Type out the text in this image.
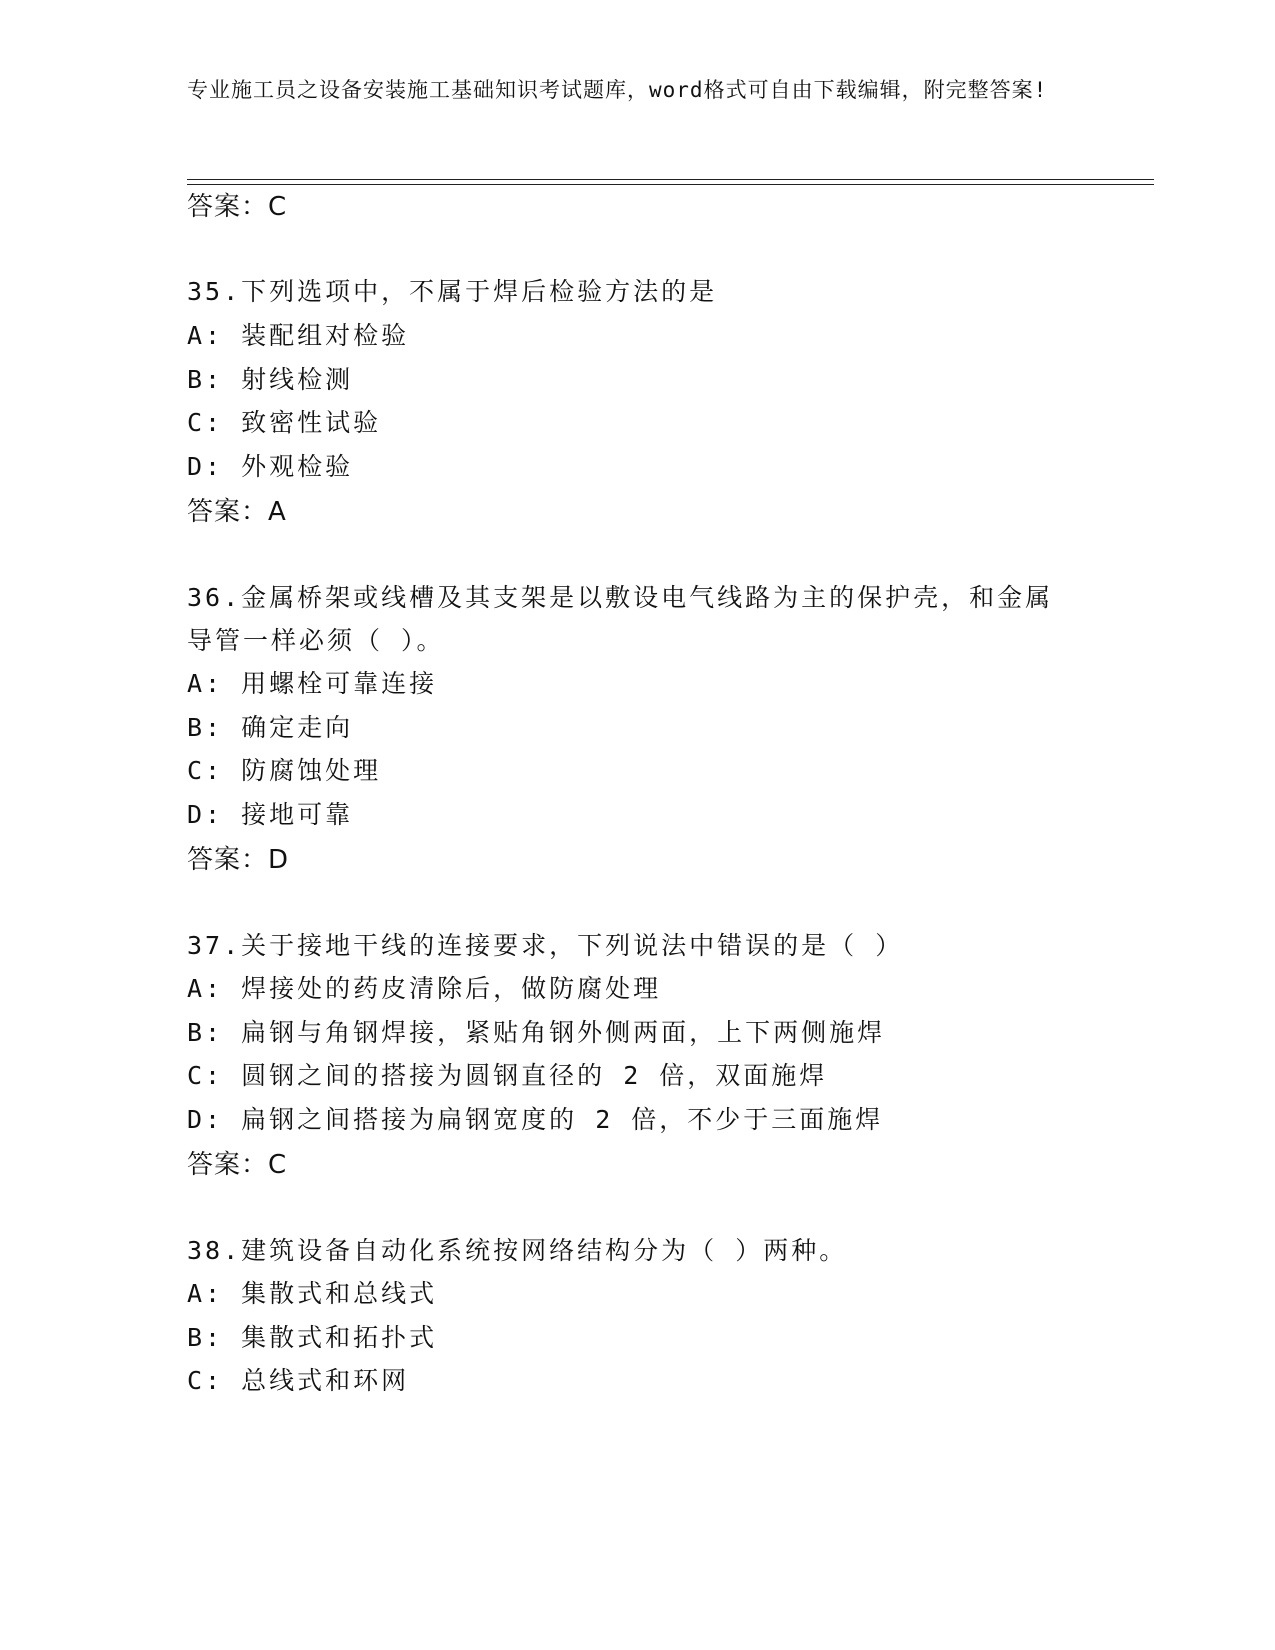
专业施工员之设备安装施工基础知识考试题库，word格式可自由下载编辑，附完整答案!
答案：C
35.下列选项中，不属于焊后检验方法的是
A: 装配组对检验
B: 射线检测
C: 致密性试验
D: 外观检验
答案：A
36.金属桥架或线槽及其支架是以敷设电气线路为主的保护壳，和金属
导管一样必须（ ）。
A: 用螺栓可靠连接
B: 确定走向
C: 防腐蚀处理
D: 接地可靠
答案：D
37.关于接地干线的连接要求，下列说法中错误的是（ ）
A: 焊接处的药皮清除后，做防腐处理
B: 扁钢与角钢焊接，紧贴角钢外侧两面，上下两侧施焊
C: 圆钢之间的搭接为圆钢直径的 2 倍，双面施焊
D: 扁钢之间搭接为扁钢宽度的 2 倍，不少于三面施焊
答案：C
38.建筑设备自动化系统按网络结构分为（ ）两种。
A: 集散式和总线式
B: 集散式和拓扑式
C: 总线式和环网
